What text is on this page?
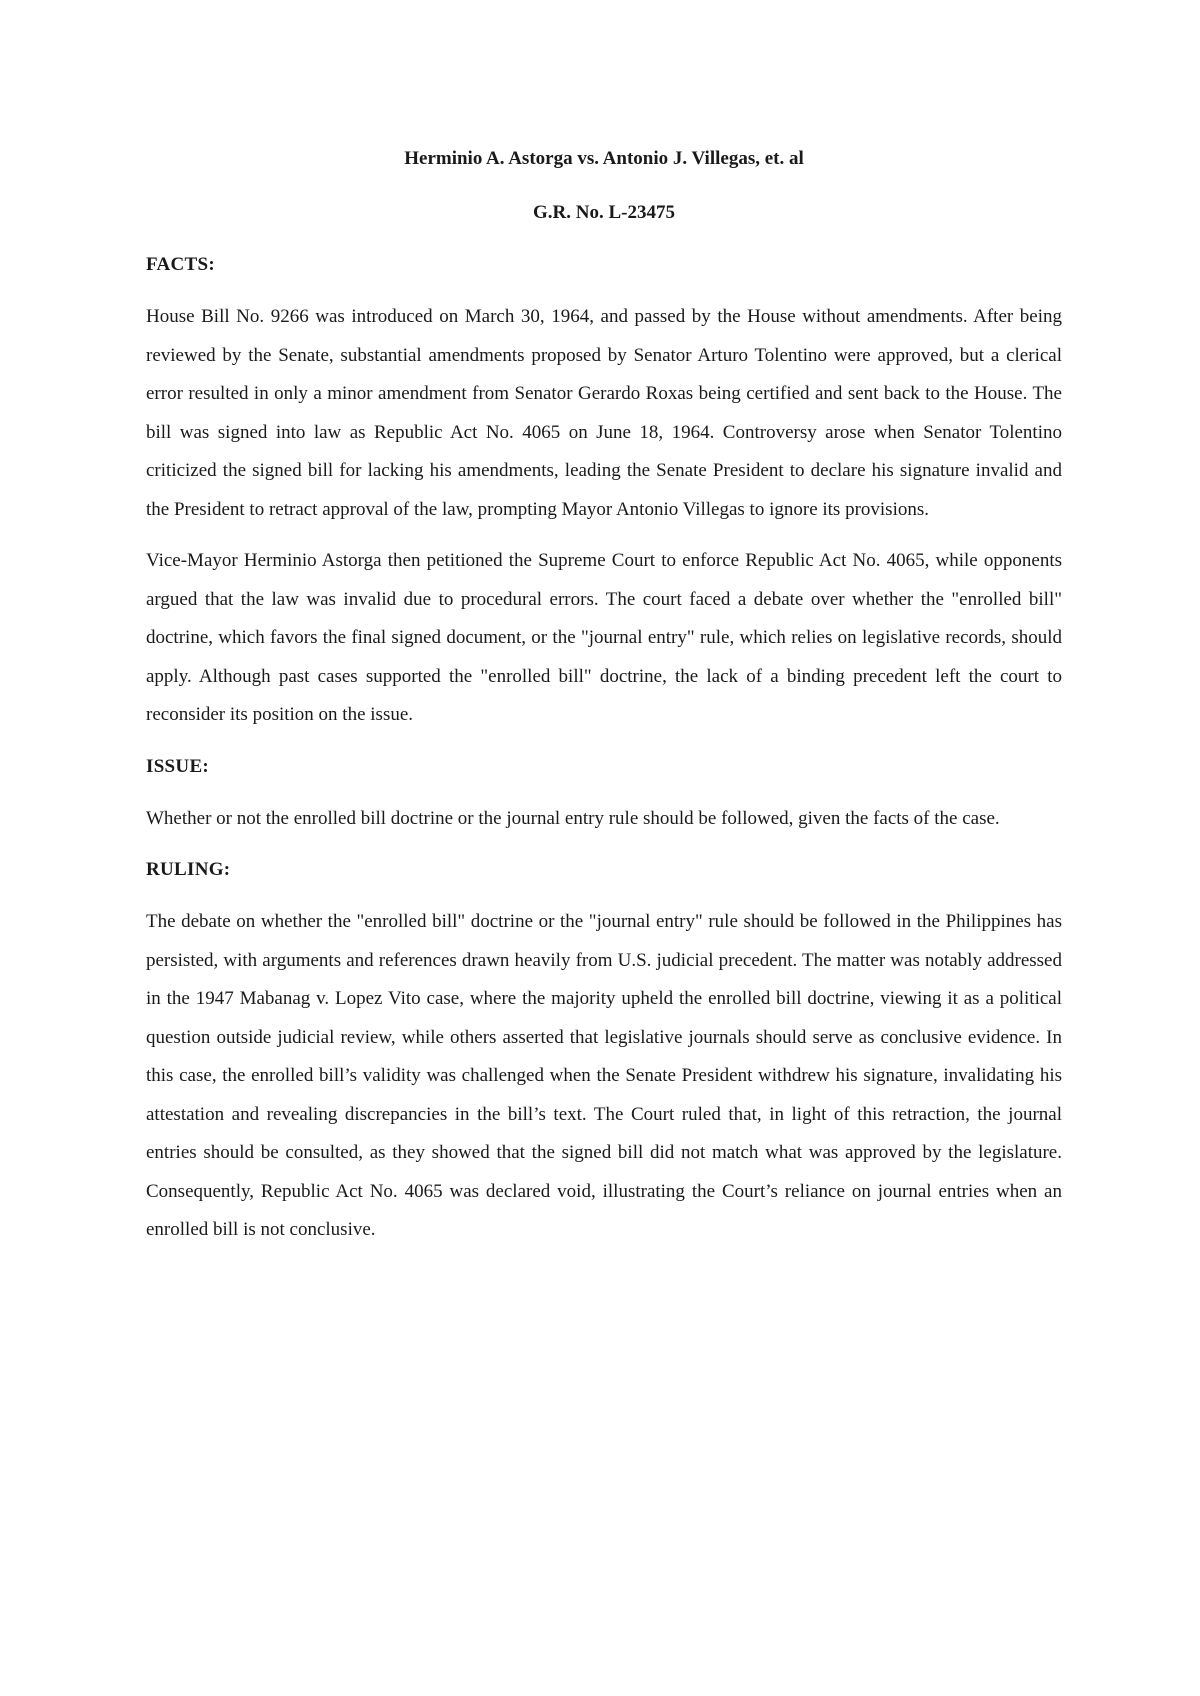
Herminio A. Astorga vs. Antonio J. Villegas, et. al
G.R. No. L-23475
FACTS:

House Bill No. 9266 was introduced on March 30, 1964, and passed by the House without amendments. After being reviewed by the Senate, substantial amendments proposed by Senator Arturo Tolentino were approved, but a clerical error resulted in only a minor amendment from Senator Gerardo Roxas being certified and sent back to the House. The bill was signed into law as Republic Act No. 4065 on June 18, 1964. Controversy arose when Senator Tolentino criticized the signed bill for lacking his amendments, leading the Senate President to declare his signature invalid and the President to retract approval of the law, prompting Mayor Antonio Villegas to ignore its provisions.

Vice-Mayor Herminio Astorga then petitioned the Supreme Court to enforce Republic Act No. 4065, while opponents argued that the law was invalid due to procedural errors. The court faced a debate over whether the "enrolled bill" doctrine, which favors the final signed document, or the "journal entry" rule, which relies on legislative records, should apply. Although past cases supported the "enrolled bill" doctrine, the lack of a binding precedent left the court to reconsider its position on the issue.

ISSUE:

Whether or not the enrolled bill doctrine or the journal entry rule should be followed, given the facts of the case.

RULING:

The debate on whether the "enrolled bill" doctrine or the "journal entry" rule should be followed in the Philippines has persisted, with arguments and references drawn heavily from U.S. judicial precedent. The matter was notably addressed in the 1947 Mabanag v. Lopez Vito case, where the majority upheld the enrolled bill doctrine, viewing it as a political question outside judicial review, while others asserted that legislative journals should serve as conclusive evidence. In this case, the enrolled bill’s validity was challenged when the Senate President withdrew his signature, invalidating his attestation and revealing discrepancies in the bill’s text. The Court ruled that, in light of this retraction, the journal entries should be consulted, as they showed that the signed bill did not match what was approved by the legislature. Consequently, Republic Act No. 4065 was declared void, illustrating the Court’s reliance on journal entries when an enrolled bill is not conclusive.
